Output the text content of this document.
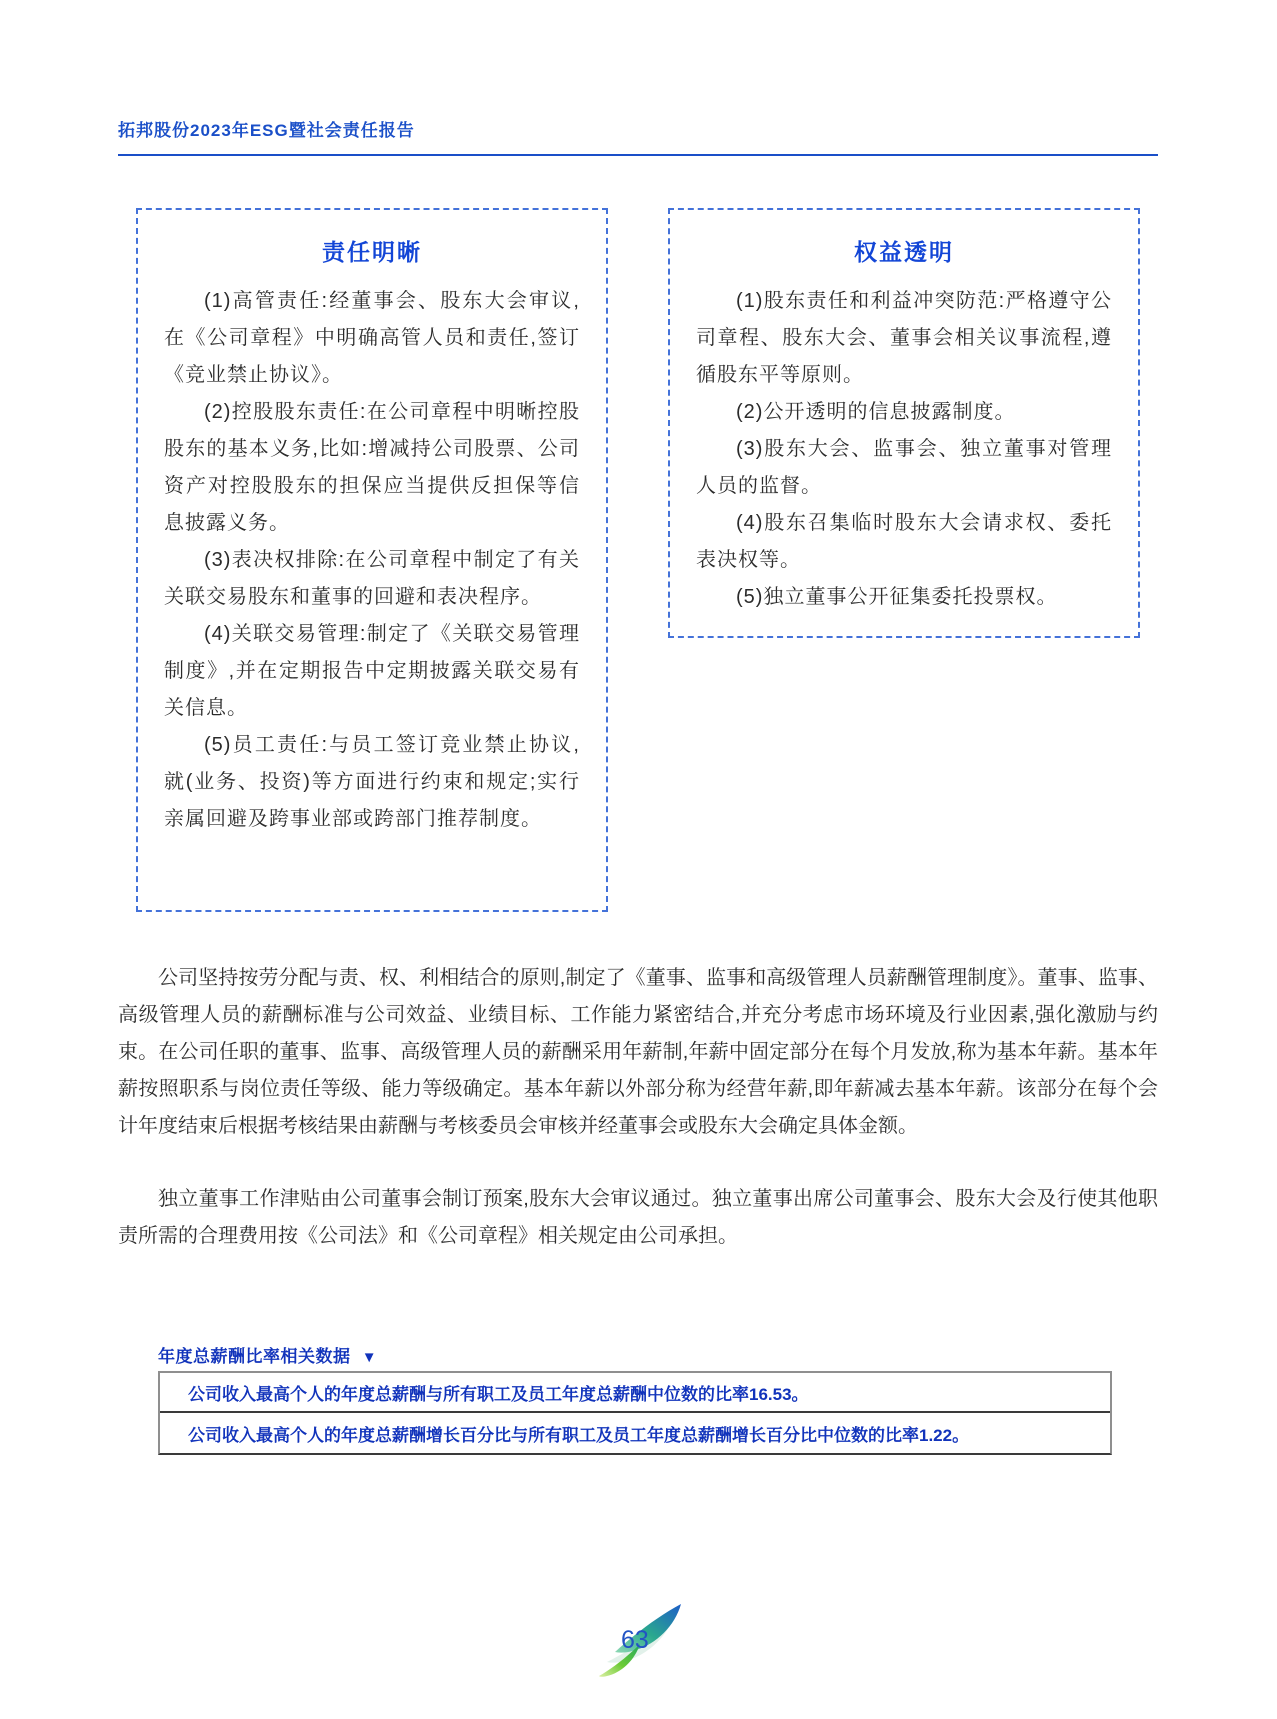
拓邦股份2023年ESG暨社会责任报告
责任明晰

(1)高管责任:经董事会、股东大会审议,在《公司章程》中明确高管人员和责任,签订《竞业禁止协议》。

(2)控股股东责任:在公司章程中明晰控股股东的基本义务,比如:增减持公司股票、公司资产对控股股东的担保应当提供反担保等信息披露义务。

(3)表决权排除:在公司章程中制定了有关关联交易股东和董事的回避和表决程序。

(4)关联交易管理:制定了《关联交易管理制度》,并在定期报告中定期披露关联交易有关信息。

(5)员工责任:与员工签订竞业禁止协议,就(业务、投资)等方面进行约束和规定;实行亲属回避及跨事业部或跨部门推荐制度。

权益透明

(1)股东责任和利益冲突防范:严格遵守公司章程、股东大会、董事会相关议事流程,遵循股东平等原则。

(2)公开透明的信息披露制度。

(3)股东大会、监事会、独立董事对管理人员的监督。

(4)股东召集临时股东大会请求权、委托表决权等。

(5)独立董事公开征集委托投票权。

公司坚持按劳分配与责、权、利相结合的原则,制定了《董事、监事和高级管理人员薪酬管理制度》。董事、监事、高级管理人员的薪酬标准与公司效益、业绩目标、工作能力紧密结合,并充分考虑市场环境及行业因素,强化激励与约束。在公司任职的董事、监事、高级管理人员的薪酬采用年薪制,年薪中固定部分在每个月发放,称为基本年薪。基本年薪按照职系与岗位责任等级、能力等级确定。基本年薪以外部分称为经营年薪,即年薪减去基本年薪。该部分在每个会计年度结束后根据考核结果由薪酬与考核委员会审核并经董事会或股东大会确定具体金额。

独立董事工作津贴由公司董事会制订预案,股东大会审议通过。独立董事出席公司董事会、股东大会及行使其他职责所需的合理费用按《公司法》和《公司章程》相关规定由公司承担。

年度总薪酬比率相关数据 ▼
公司收入最高个人的年度总薪酬与所有职工及员工年度总薪酬中位数的比率16.53。
公司收入最高个人的年度总薪酬增长百分比与所有职工及员工年度总薪酬增长百分比中位数的比率1.22。
63
